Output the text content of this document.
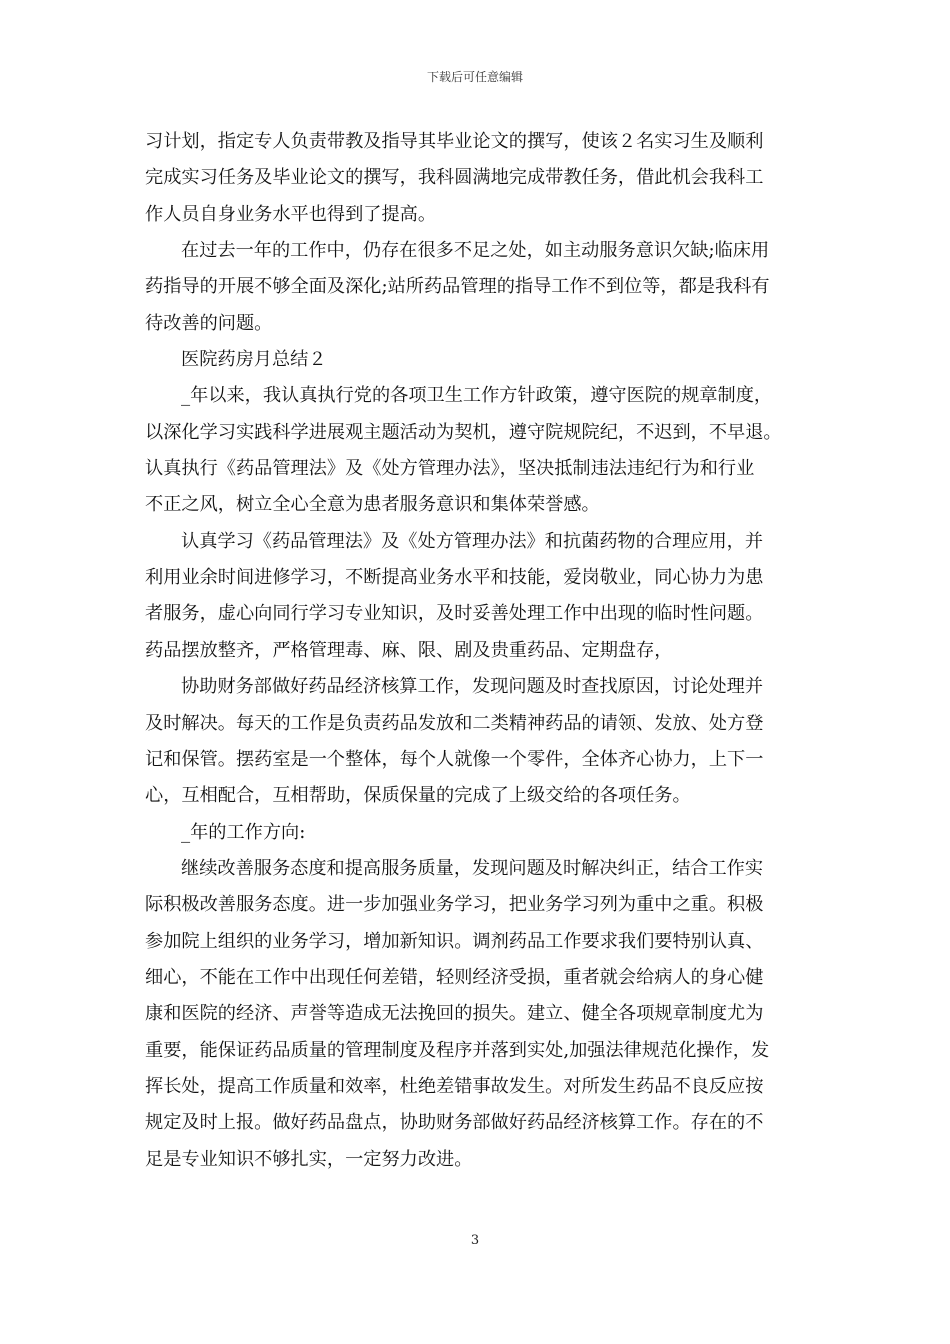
下载后可任意编辑
习计划，指定专人负责带教及指导其毕业论文的撰写，使该２名实习生及顺利
完成实习任务及毕业论文的撰写，我科圆满地完成带教任务，借此机会我科工
作人员自身业务水平也得到了提高。
在过去一年的工作中，仍存在很多不足之处，如主动服务意识欠缺;临床用
药指导的开展不够全面及深化;站所药品管理的指导工作不到位等，都是我科有
待改善的问题。
医院药房月总结２
_年以来，我认真执行党的各项卫生工作方针政策，遵守医院的规章制度，
以深化学习实践科学进展观主题活动为契机，遵守院规院纪，不迟到，不早退。
认真执行《药品管理法》及《处方管理办法》，坚决抵制违法违纪行为和行业
不正之风，树立全心全意为患者服务意识和集体荣誉感。
认真学习《药品管理法》及《处方管理办法》和抗菌药物的合理应用，并
利用业余时间进修学习，不断提高业务水平和技能，爱岗敬业，同心协力为患
者服务，虚心向同行学习专业知识，及时妥善处理工作中出现的临时性问题。
药品摆放整齐，严格管理毒、麻、限、剧及贵重药品、定期盘存，
协助财务部做好药品经济核算工作，发现问题及时查找原因，讨论处理并
及时解决。每天的工作是负责药品发放和二类精神药品的请领、发放、处方登
记和保管。摆药室是一个整体，每个人就像一个零件，全体齐心协力，上下一
心，互相配合，互相帮助，保质保量的完成了上级交给的各项任务。
_年的工作方向:
继续改善服务态度和提高服务质量，发现问题及时解决纠正，结合工作实
际积极改善服务态度。进一步加强业务学习，把业务学习列为重中之重。积极
参加院上组织的业务学习，增加新知识。调剂药品工作要求我们要特别认真、
细心，不能在工作中出现任何差错，轻则经济受损，重者就会给病人的身心健
康和医院的经济、声誉等造成无法挽回的损失。建立、健全各项规章制度尤为
重要，能保证药品质量的管理制度及程序并落到实处,加强法律规范化操作，发
挥长处，提高工作质量和效率，杜绝差错事故发生。对所发生药品不良反应按
规定及时上报。做好药品盘点，协助财务部做好药品经济核算工作。存在的不
足是专业知识不够扎实，一定努力改进。
3
